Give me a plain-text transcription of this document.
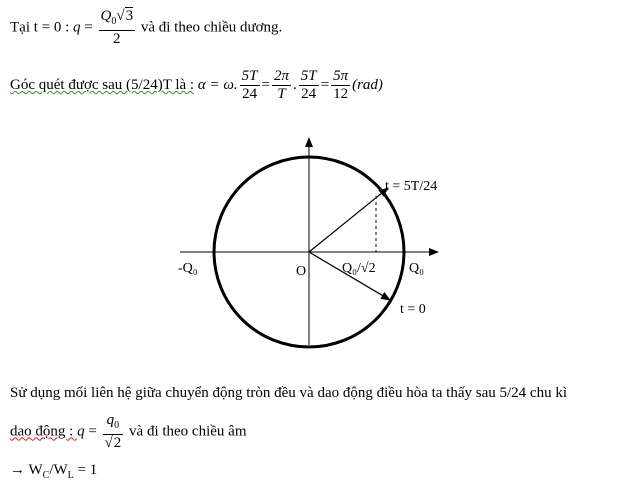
Tại t = 0 : $q = \frac{Q_0√3}{2}$ và đi theo chiều dương.
Góc quét được sau (5/24)T là : α = ω. $\frac{5T}{24} = \frac{2\pi}{T}$ . $\frac{5T}{24} = \frac{5\pi}{12} (rad)$
-Q₀	Q₀
O	Q₀/√2
t = 5T/24
t = 0
Sử dụng mối liên hệ giữa chuyển động tròn đều và dao động điều hòa ta thấy sau 5/24 chu kì
dao động : $q = \frac{q_0}{√2}$ và đi theo chiều âm
→ $W_C/W_L = 1$
